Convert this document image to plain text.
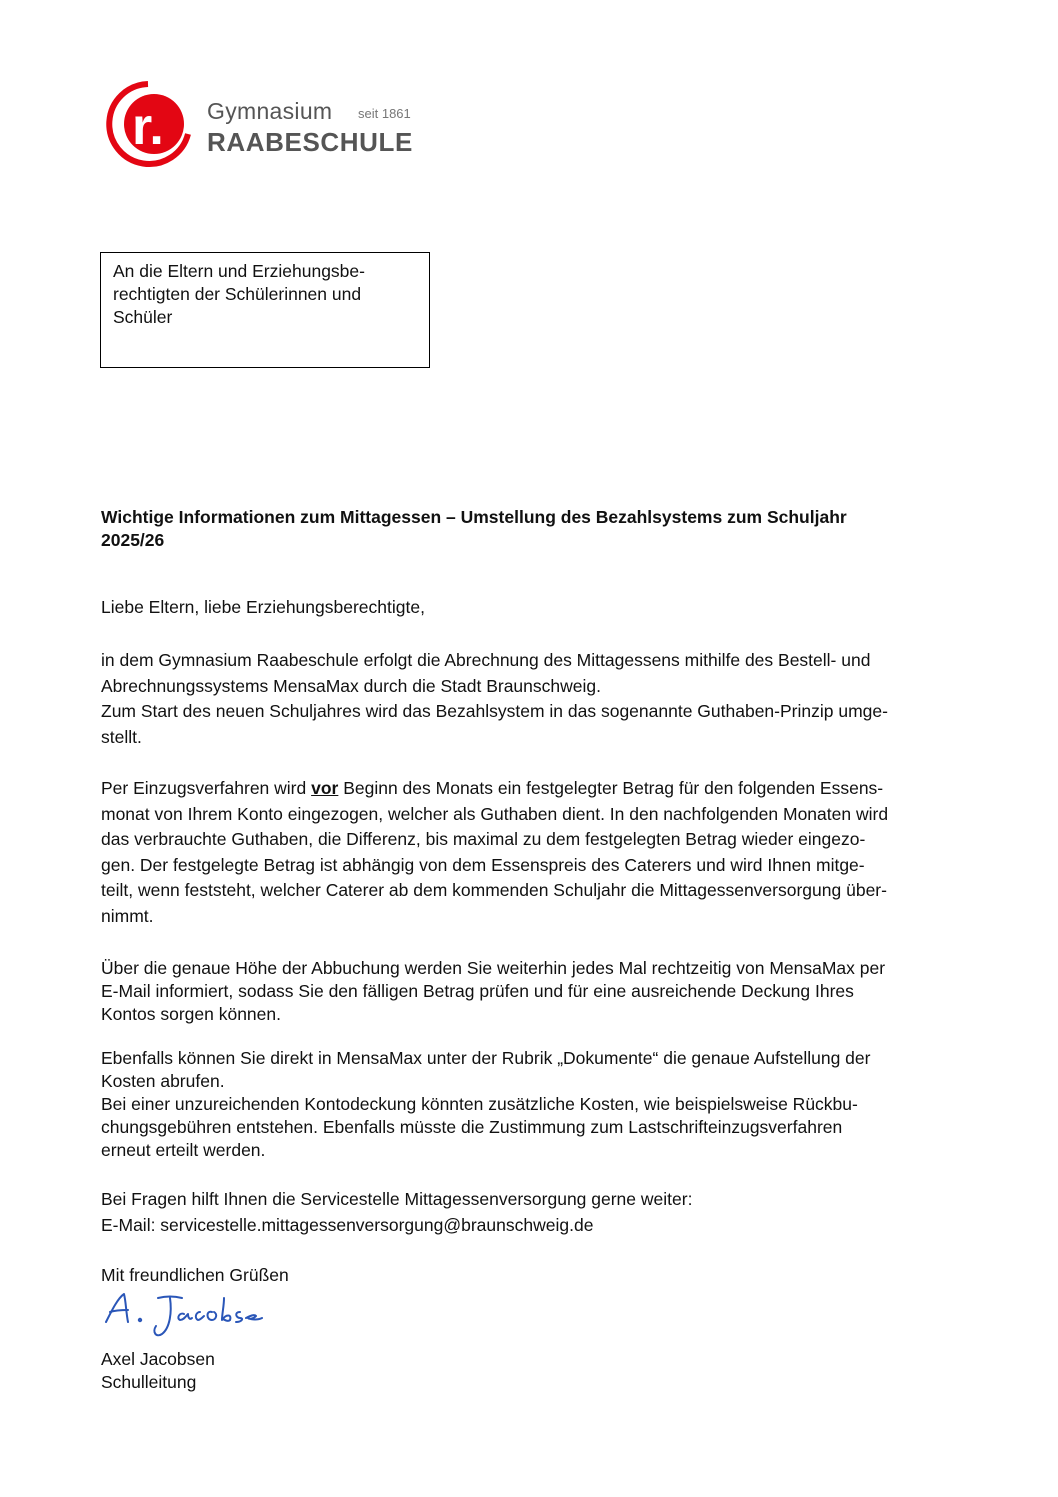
r. Gymnasium seit 1861
RAABESCHULE
An die Eltern und Erziehungsbe-
rechtigten der Schülerinnen und
Schüler
Wichtige Informationen zum Mittagessen – Umstellung des Bezahlsystems zum Schuljahr
2025/26
Liebe Eltern, liebe Erziehungsberechtigte,
in dem Gymnasium Raabeschule erfolgt die Abrechnung des Mittagessens mithilfe des Bestell- und
Abrechnungssystems MensaMax durch die Stadt Braunschweig.
Zum Start des neuen Schuljahres wird das Bezahlsystem in das sogenannte Guthaben-Prinzip umge-
stellt.
Per Einzugsverfahren wird vor Beginn des Monats ein festgelegter Betrag für den folgenden Essens-
monat von Ihrem Konto eingezogen, welcher als Guthaben dient. In den nachfolgenden Monaten wird
das verbrauchte Guthaben, die Differenz, bis maximal zu dem festgelegten Betrag wieder eingezo-
gen. Der festgelegte Betrag ist abhängig von dem Essenspreis des Caterers und wird Ihnen mitge-
teilt, wenn feststeht, welcher Caterer ab dem kommenden Schuljahr die Mittagessenversorgung über-
nimmt.
Über die genaue Höhe der Abbuchung werden Sie weiterhin jedes Mal rechtzeitig von MensaMax per
E-Mail informiert, sodass Sie den fälligen Betrag prüfen und für eine ausreichende Deckung Ihres
Kontos sorgen können.
Ebenfalls können Sie direkt in MensaMax unter der Rubrik „Dokumente“ die genaue Aufstellung der
Kosten abrufen.
Bei einer unzureichenden Kontodeckung könnten zusätzliche Kosten, wie beispielsweise Rückbu-
chungsgebühren entstehen. Ebenfalls müsste die Zustimmung zum Lastschrifteinzugsverfahren
erneut erteilt werden.
Bei Fragen hilft Ihnen die Servicestelle Mittagessenversorgung gerne weiter:
E-Mail: servicestelle.mittagessenversorgung@braunschweig.de
Mit freundlichen Grüßen
Axel Jacobsen
Schulleitung
